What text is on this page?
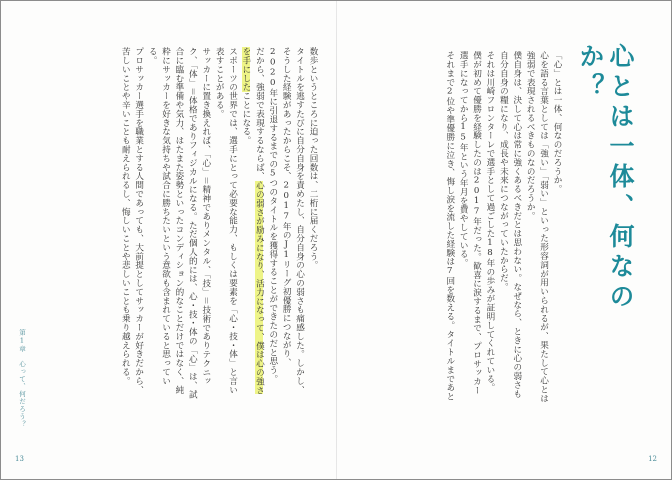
心とは一体、何なのか？

「心」とは一体、何なのだろうか。

心を語る言葉としては「強い」「弱い」といった形容詞が用いられるが、果たして心とは強弱で表現されるべきものなのだろうか。

僕自身は、決して心は常に強くあるべきだとは思わない。なぜなら、ときに心の弱さも自分自身の糧になり、成長や未来につながっていたからだ。

それは川崎フロンターレで選手として過ごした18年の歩みが証明してくれている。

僕が初めて優勝を経験したのは2017年だった。歓喜に涙するまで、プロサッカー選手になってから15年という年月を費やしている。

それまで2位や準優勝に泣き、悔し涙を流した経験は7回を数える。タイトルまであと

数歩というところに迫った回数は、二桁に届くだろう。

タイトルを逃すたびに自分自身を責めたし、自分自身の心の弱さも痛感した。しかし、そうした経験があったからこそ、2017年のJ1リーグ初優勝につながり、2020年に引退するまでの5つのタイトルを獲得することができたのだと思う。

だから、強弱で表現するならば、心の弱さが励みになり、活力になって、僕は心の強さを手にしたことになる。

スポーツの世界では、選手にとって必要な能力、もしくは要素を「心・技・体」と言い表すことがある。

サッカーに置き換えれば、「心」＝精神でありメンタル、「技」＝技術でありテクニック、「体」＝体格でありフィジカルになる。ただ個人的には、心・技・体の「心」は、試合に臨む準備や気力、はたまた姿勢といったコンディション的なことだけではなく、純粋にサッカーを好きな気持ちや試合に勝ちたいという意欲も含まれていると思っている。

プロサッカー選手を職業とする人間であっても、大前提としてサッカーが好きだから、苦しいことや辛いことも耐えられるし、悔しいことや悲しいことも乗り越えられる。

第1章　心って、何だろう？
13	12
